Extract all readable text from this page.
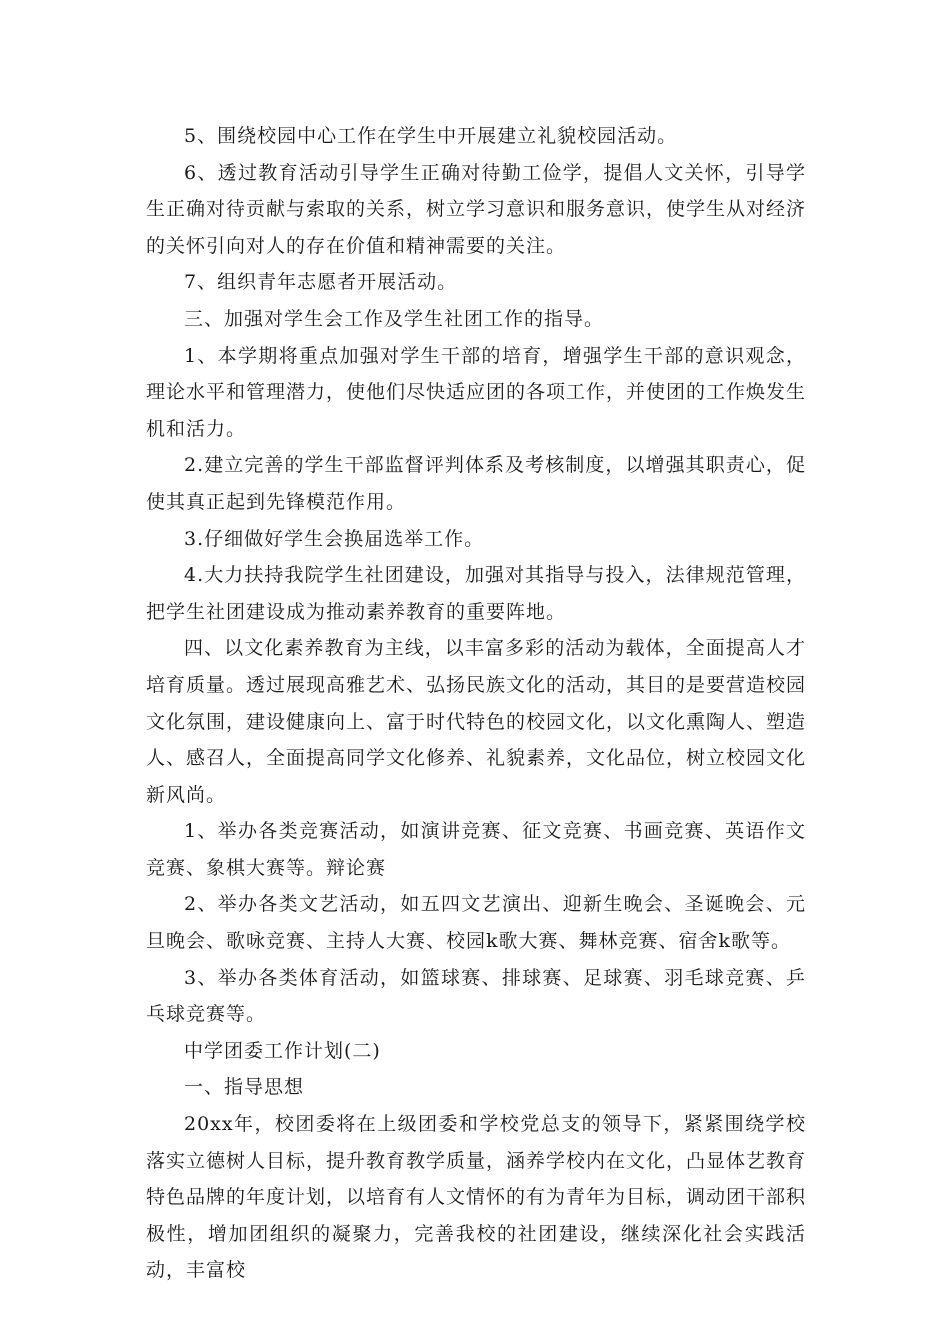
5、围绕校园中心工作在学生中开展建立礼貌校园活动。

6、透过教育活动引导学生正确对待勤工俭学，提倡人文关怀，引导学生正确对待贡献与索取的关系，树立学习意识和服务意识，使学生从对经济的关怀引向对人的存在价值和精神需要的关注。

7、组织青年志愿者开展活动。

三、加强对学生会工作及学生社团工作的指导。

1、本学期将重点加强对学生干部的培育，增强学生干部的意识观念，理论水平和管理潜力，使他们尽快适应团的各项工作，并使团的工作焕发生机和活力。

2.建立完善的学生干部监督评判体系及考核制度，以增强其职责心，促使其真正起到先锋模范作用。

3.仔细做好学生会换届选举工作。

4.大力扶持我院学生社团建设，加强对其指导与投入，法律规范管理，把学生社团建设成为推动素养教育的重要阵地。

四、以文化素养教育为主线，以丰富多彩的活动为载体，全面提高人才培育质量。透过展现高雅艺术、弘扬民族文化的活动，其目的是要营造校园文化氛围，建设健康向上、富于时代特色的校园文化，以文化熏陶人、塑造人、感召人，全面提高同学文化修养、礼貌素养，文化品位，树立校园文化新风尚。

1、举办各类竞赛活动，如演讲竞赛、征文竞赛、书画竞赛、英语作文竞赛、象棋大赛等。辩论赛

2、举办各类文艺活动，如五四文艺演出、迎新生晚会、圣诞晚会、元旦晚会、歌咏竞赛、主持人大赛、校园k歌大赛、舞林竞赛、宿舍k歌等。

3、举办各类体育活动，如篮球赛、排球赛、足球赛、羽毛球竞赛、乒乓球竞赛等。

中学团委工作计划(二)

一、指导思想

20xx年，校团委将在上级团委和学校党总支的领导下，紧紧围绕学校落实立德树人目标，提升教育教学质量，涵养学校内在文化，凸显体艺教育特色品牌的年度计划，以培育有人文情怀的有为青年为目标，调动团干部积极性，增加团组织的凝聚力，完善我校的社团建设，继续深化社会实践活动，丰富校
